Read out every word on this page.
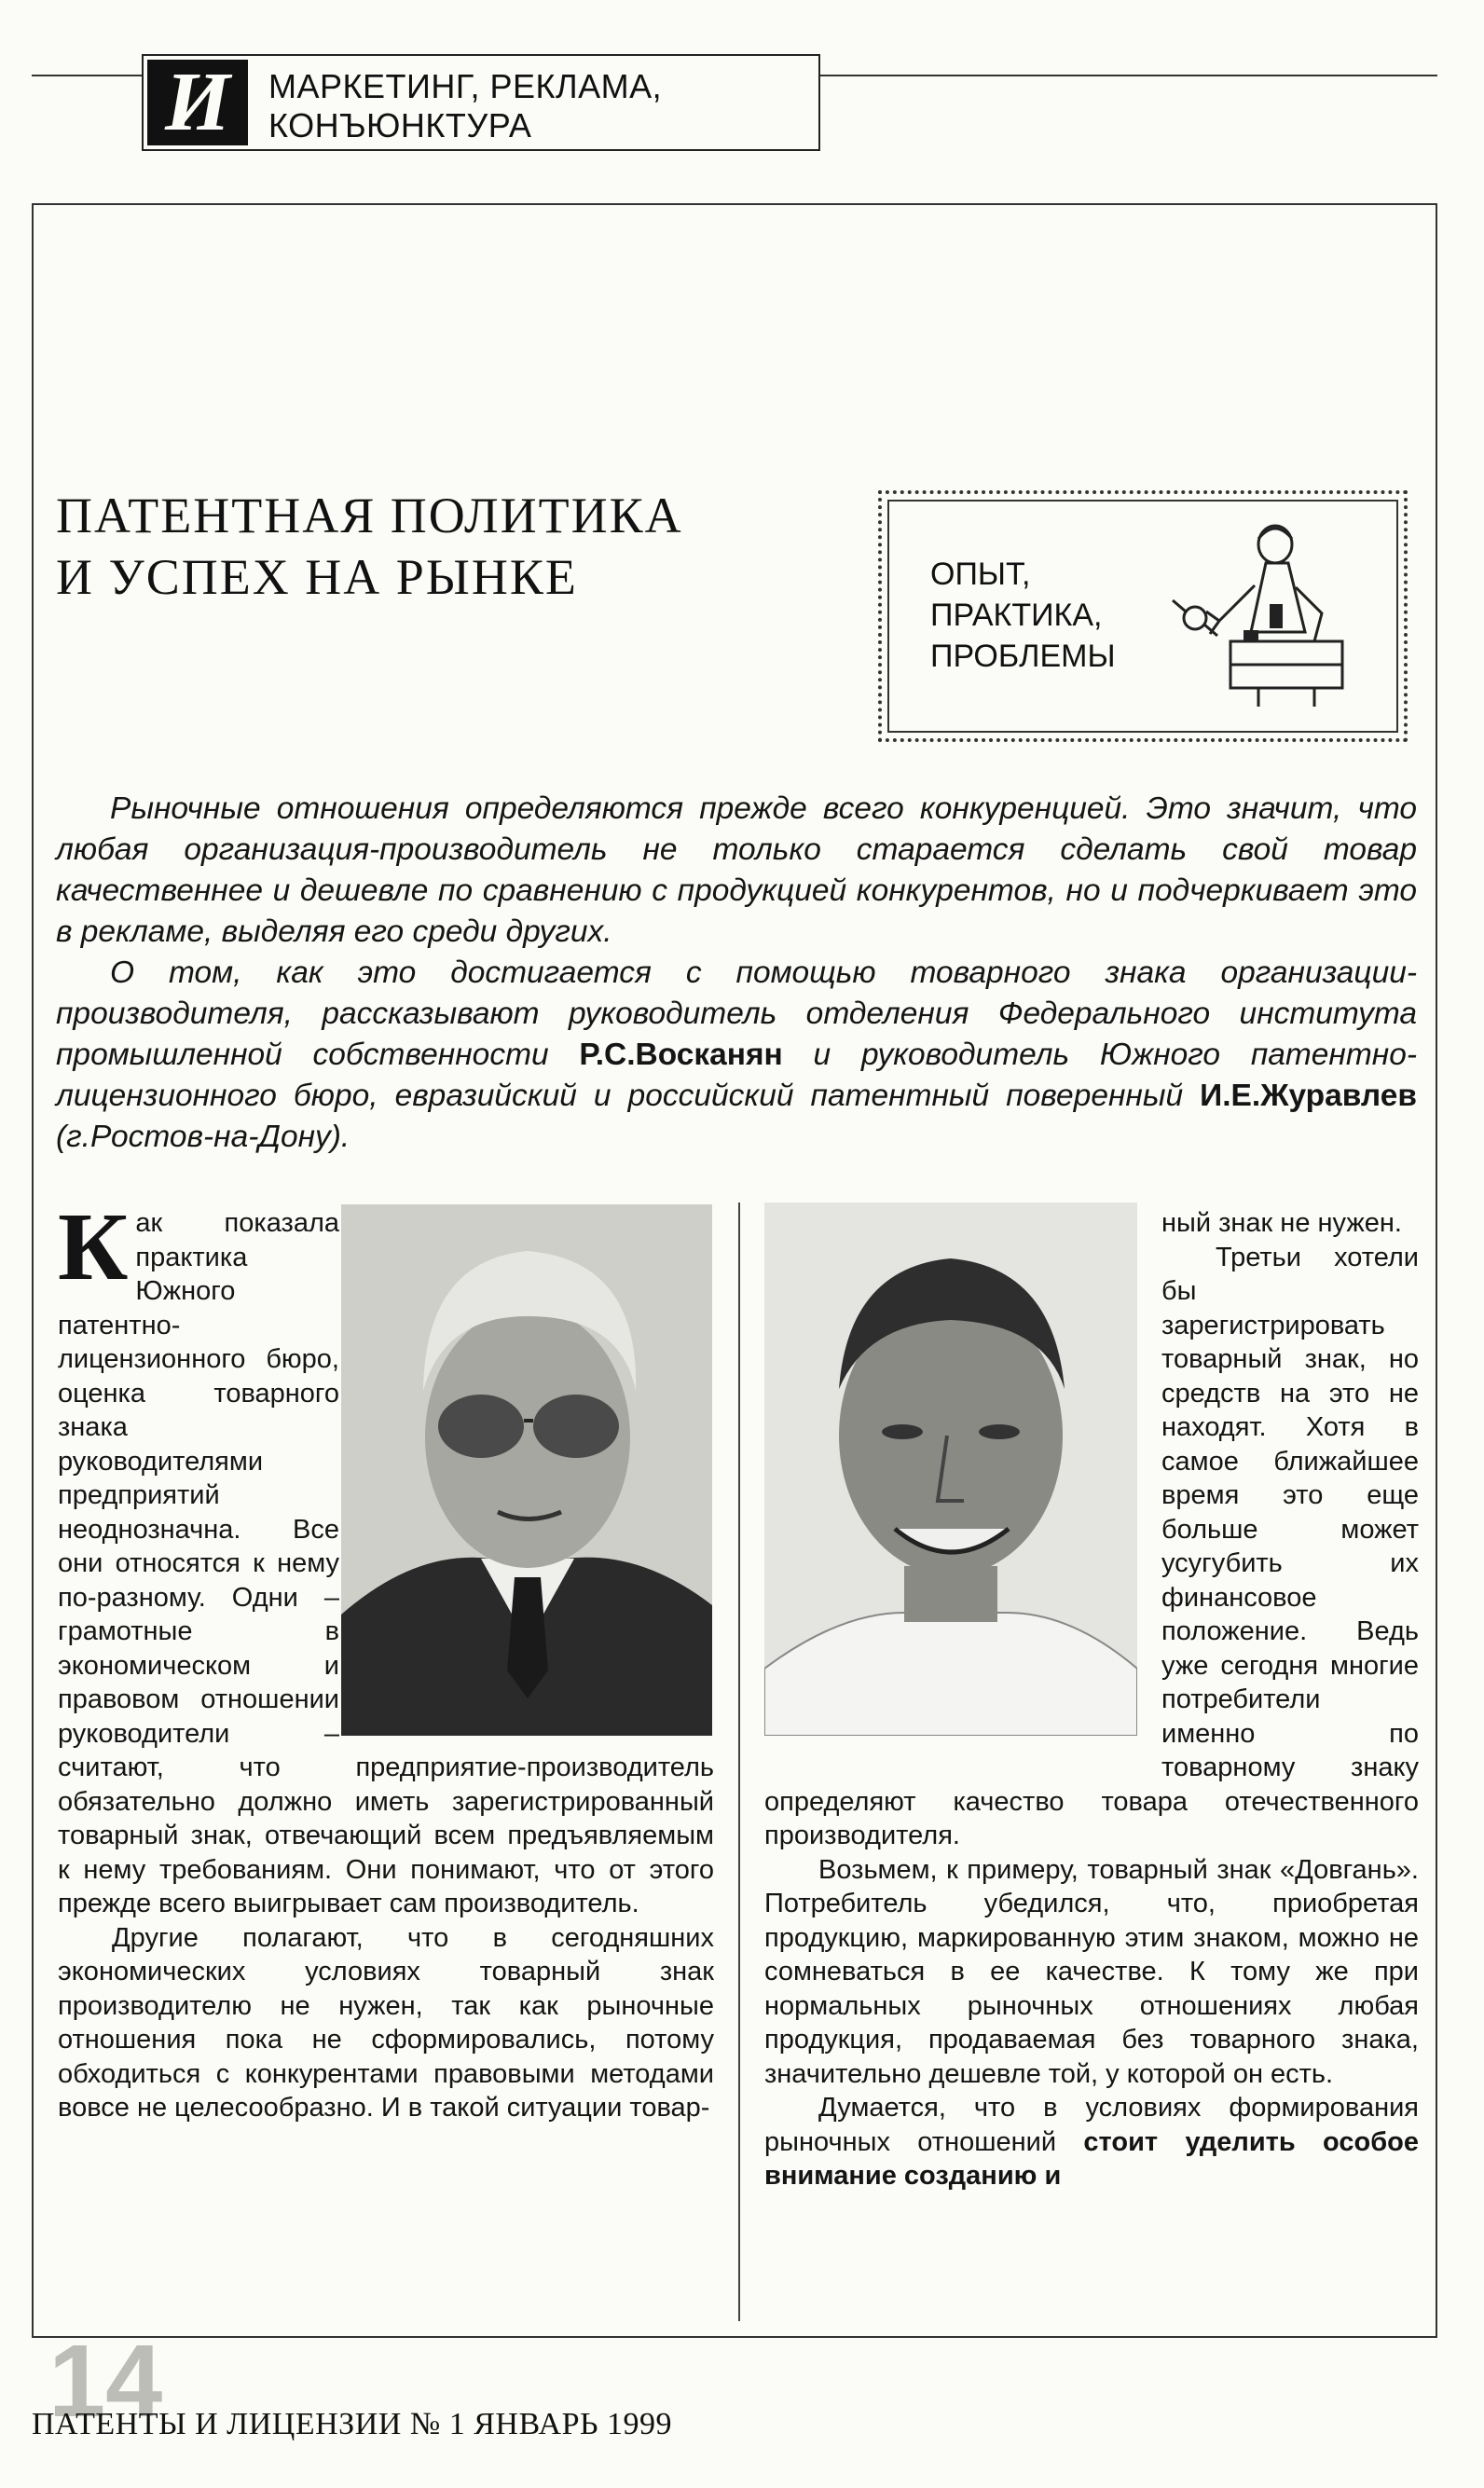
И МАРКЕТИНГ, РЕКЛАМА,
КОНЪЮНКТУРА
ПАТЕНТНАЯ ПОЛИТИКА
И УСПЕХ НА РЫНКЕ	ОПЫТ,
ПРАКТИКА,
ПРОБЛЕМЫ

Рыночные отношения определяются прежде всего конкуренцией. Это значит, что любая организация-производитель не только старается сделать свой товар качественнее и дешевле по сравнению с продукцией конкурентов, но и подчеркивает это в рекламе, выделяя его среди других.

О том, как это достигается с помощью товарного знака организации-производителя, рассказывают руководитель отделения Федерального института промышленной собственности Р.С.Восканян и руководитель Южного патентно-лицензионного бюро, евразийский и российский патентный поверенный И.Е.Журавлев (г.Ростов-на-Дону).

Как показала практика Южного патентно-лицензионного бюро, оценка товарного знака руководителями предприятий неоднозначна. Все они относятся к нему по-разному. Одни – грамотные в экономическом и правовом отношении руководители – считают, что предприятие-производитель обязательно должно иметь зарегистрированный товарный знак, отвечающий всем предъявляемым к нему требованиям. Они понимают, что от этого прежде всего выигрывает сам производитель.

Другие полагают, что в сегодняшних экономических условиях товарный знак производителю не нужен, так как рыночные отношения пока не сформировались, потому обходиться с конкурентами правовыми методами вовсе не целесообразно. И в такой ситуации товар-

ный знак не нужен.

Третьи хотели бы зарегистрировать товарный знак, но средств на это не находят. Хотя в самое ближайшее время это еще больше может усугубить их финансовое положение. Ведь уже сегодня многие потребители именно по товарному знаку определяют качество товара отечественного производителя.

Возьмем, к примеру, товарный знак «Довгань». Потребитель убедился, что, приобретая продукцию, маркированную этим знаком, можно не сомневаться в ее качестве. К тому же при нормальных рыночных отношениях любая продукция, продаваемая без товарного знака, значительно дешевле той, у которой он есть.

Думается, что в условиях формирования рыночных отношений стоит уделить особое внимание созданию и

14
ПАТЕНТЫ И ЛИЦЕНЗИИ № 1 ЯНВАРЬ 1999
